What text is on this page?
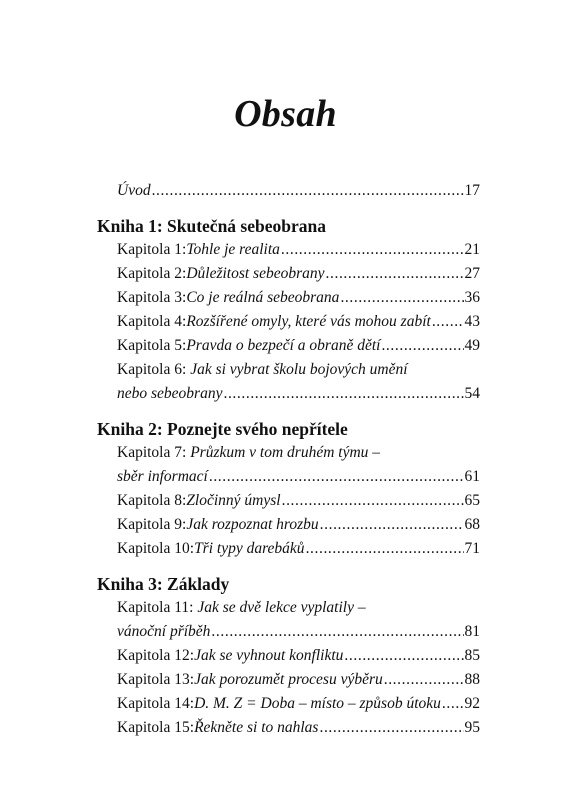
Obsah
Úvod .....	17
Kniha 1: Skutečná sebeobrana
Kapitola 1: Tohle je realita .....	21
Kapitola 2: Důležitost sebeobrany .....	27
Kapitola 3: Co je reálná sebeobrana .....	36
Kapitola 4: Rozšířené omyly, které vás mohou zabít ..... 43
Kapitola 5: Pravda o bezpečí a obraně dětí .....	49
Kapitola 6: Jak si vybrat školu bojových umění
nebo sebeobrany .....	54
Kniha 2: Poznejte svého nepřítele
Kapitola 7: Průzkum v tom druhém týmu –
sběr informací .....	61
Kapitola 8: Zločinný úmysl .....	65
Kapitola 9: Jak rozpoznat hrozbu .....	68
Kapitola 10: Tři typy darebáků .....	71
Kniha 3: Základy
Kapitola 11: Jak se dvě lekce vyplatily –
vánoční příběh .....	81
Kapitola 12: Jak se vyhnout konfliktu .....	85
Kapitola 13: Jak porozumět procesu výběru .....	88
Kapitola 14: D. M. Z = Doba – místo – způsob útoku ..... 92
Kapitola 15: Řekněte si to nahlas .....	95
